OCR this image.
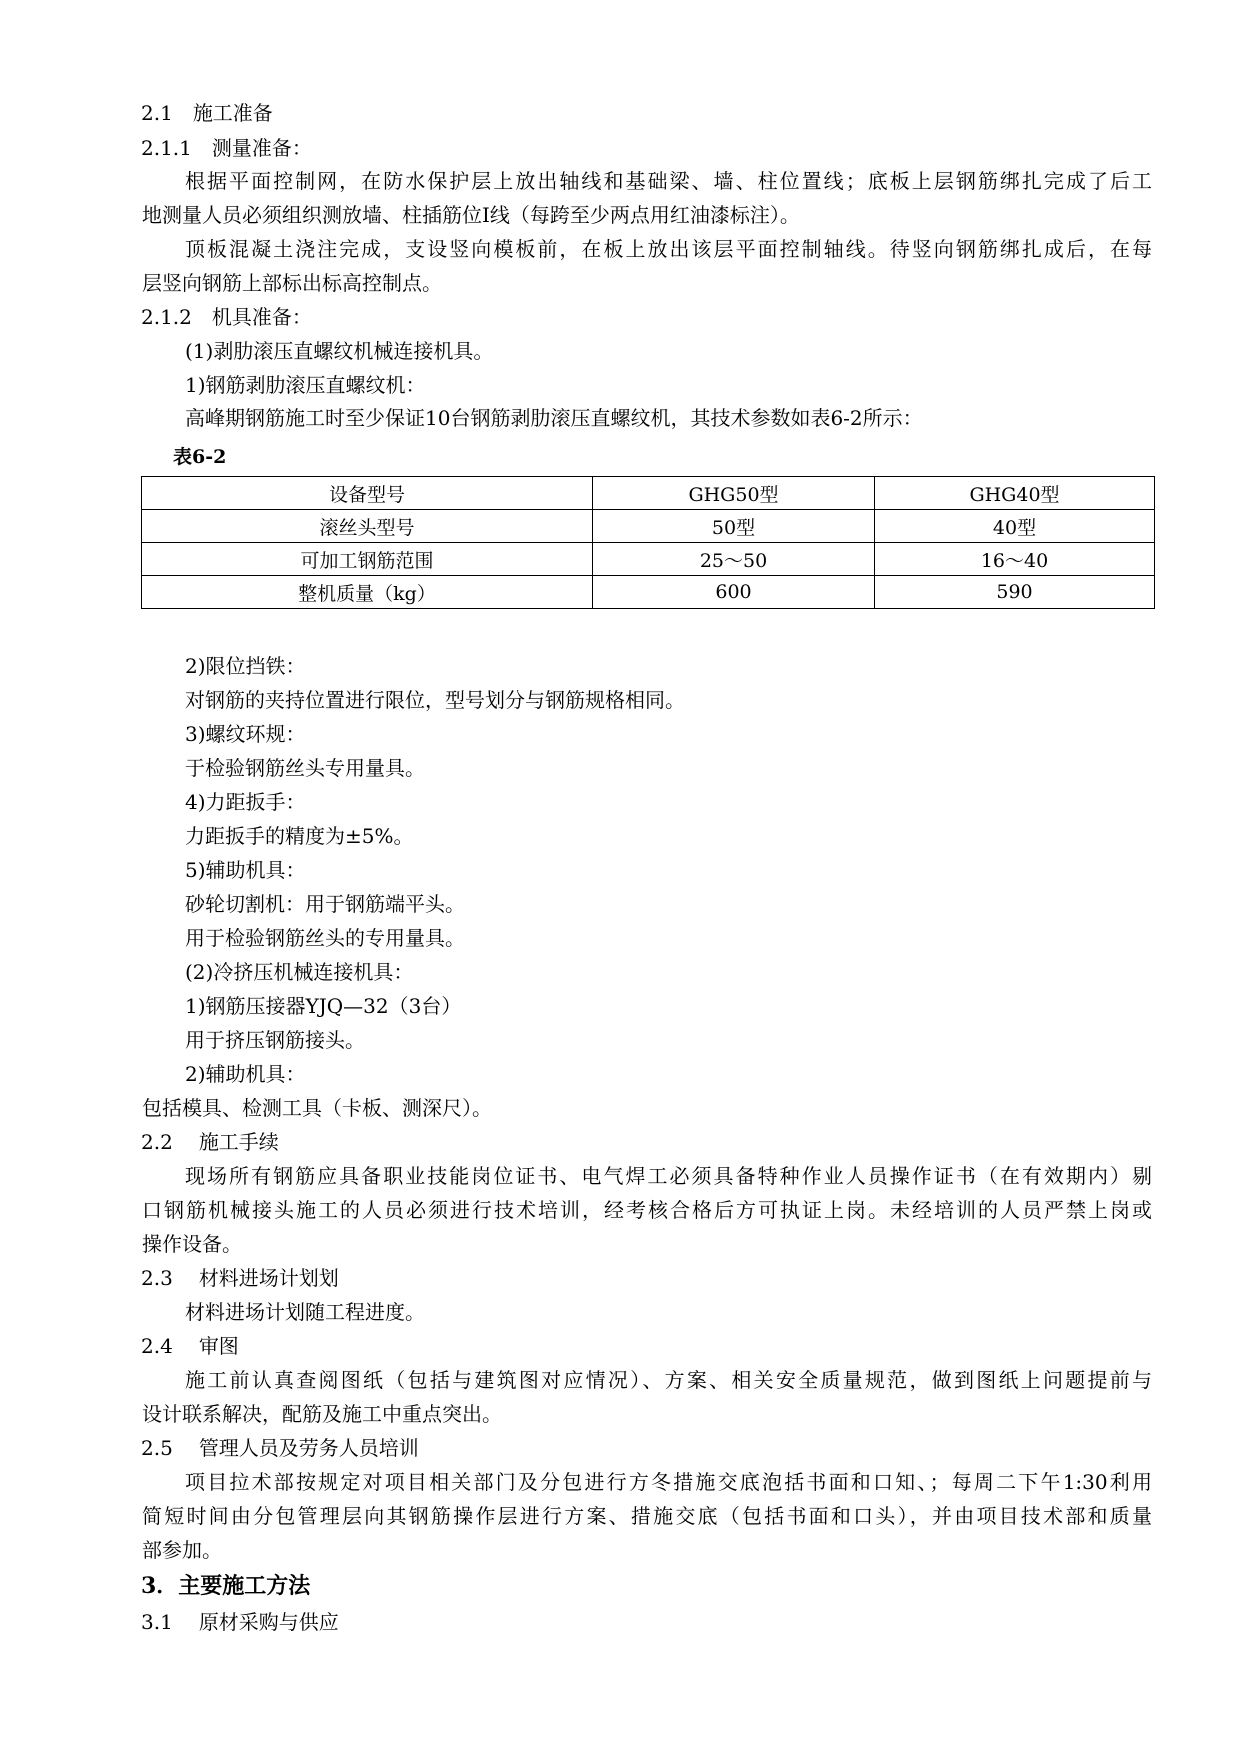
2.1 施工准备
2.1.1 测量准备：
根据平面控制网，在防水保护层上放出轴线和基础梁、墙、柱位置线；底板上层钢筋绑扎完成了后工
地测量人员必须组织测放墙、柱插筋位I线（每跨至少两点用红油漆标注）。
顶板混凝土浇注完成，支设竖向模板前，在板上放出该层平面控制轴线。待竖向钢筋绑扎成后，在每
层竖向钢筋上部标出标高控制点。
2.1.2 机具准备：
(1)剥肋滚压直螺纹机械连接机具。
1)钢筋剥肋滚压直螺纹机：
高峰期钢筋施工时至少保证10台钢筋剥肋滚压直螺纹机，其技术参数如表6-2所示：
表6-2
设备型号	GHG50型	GHG40型
滚丝头型号	50型	40型
可加工钢筋范围	25～50	16～40
整机质量（kg）	600	590
2)限位挡铁：
对钢筋的夹持位置进行限位，型号划分与钢筋规格相同。
3)螺纹环规：
于检验钢筋丝头专用量具。
4)力距扳手：
力距扳手的精度为±5%。
5)辅助机具：
砂轮切割机：用于钢筋端平头。
用于检验钢筋丝头的专用量具。
(2)冷挤压机械连接机具：
1)钢筋压接器YJQ—32（3台）
用于挤压钢筋接头。
2)辅助机具：
包括模具、检测工具（卡板、测深尺）。
2.2 施工手续
现场所有钢筋应具备职业技能岗位证书、电气焊工必须具备特种作业人员操作证书（在有效期内）剔
口钢筋机械接头施工的人员必须进行技术培训，经考核合格后方可执证上岗。未经培训的人员严禁上岗或
操作设备。
2.3 材料进场计划划
材料进场计划随工程进度。
2.4 审图
施工前认真查阅图纸（包括与建筑图对应情况）、方案、相关安全质量规范，做到图纸上问题提前与
设计联系解决，配筋及施工中重点突出。
2.5 管理人员及劳务人员培训
项目拉术部按规定对项目相关部门及分包进行方冬措施交底泡括书面和口知、；每周二下午1:30利用
简短时间由分包管理层向其钢筋操作层进行方案、措施交底（包括书面和口头），并由项目技术部和质量
部参加。
3．主要施工方法
3.1 原材采购与供应
